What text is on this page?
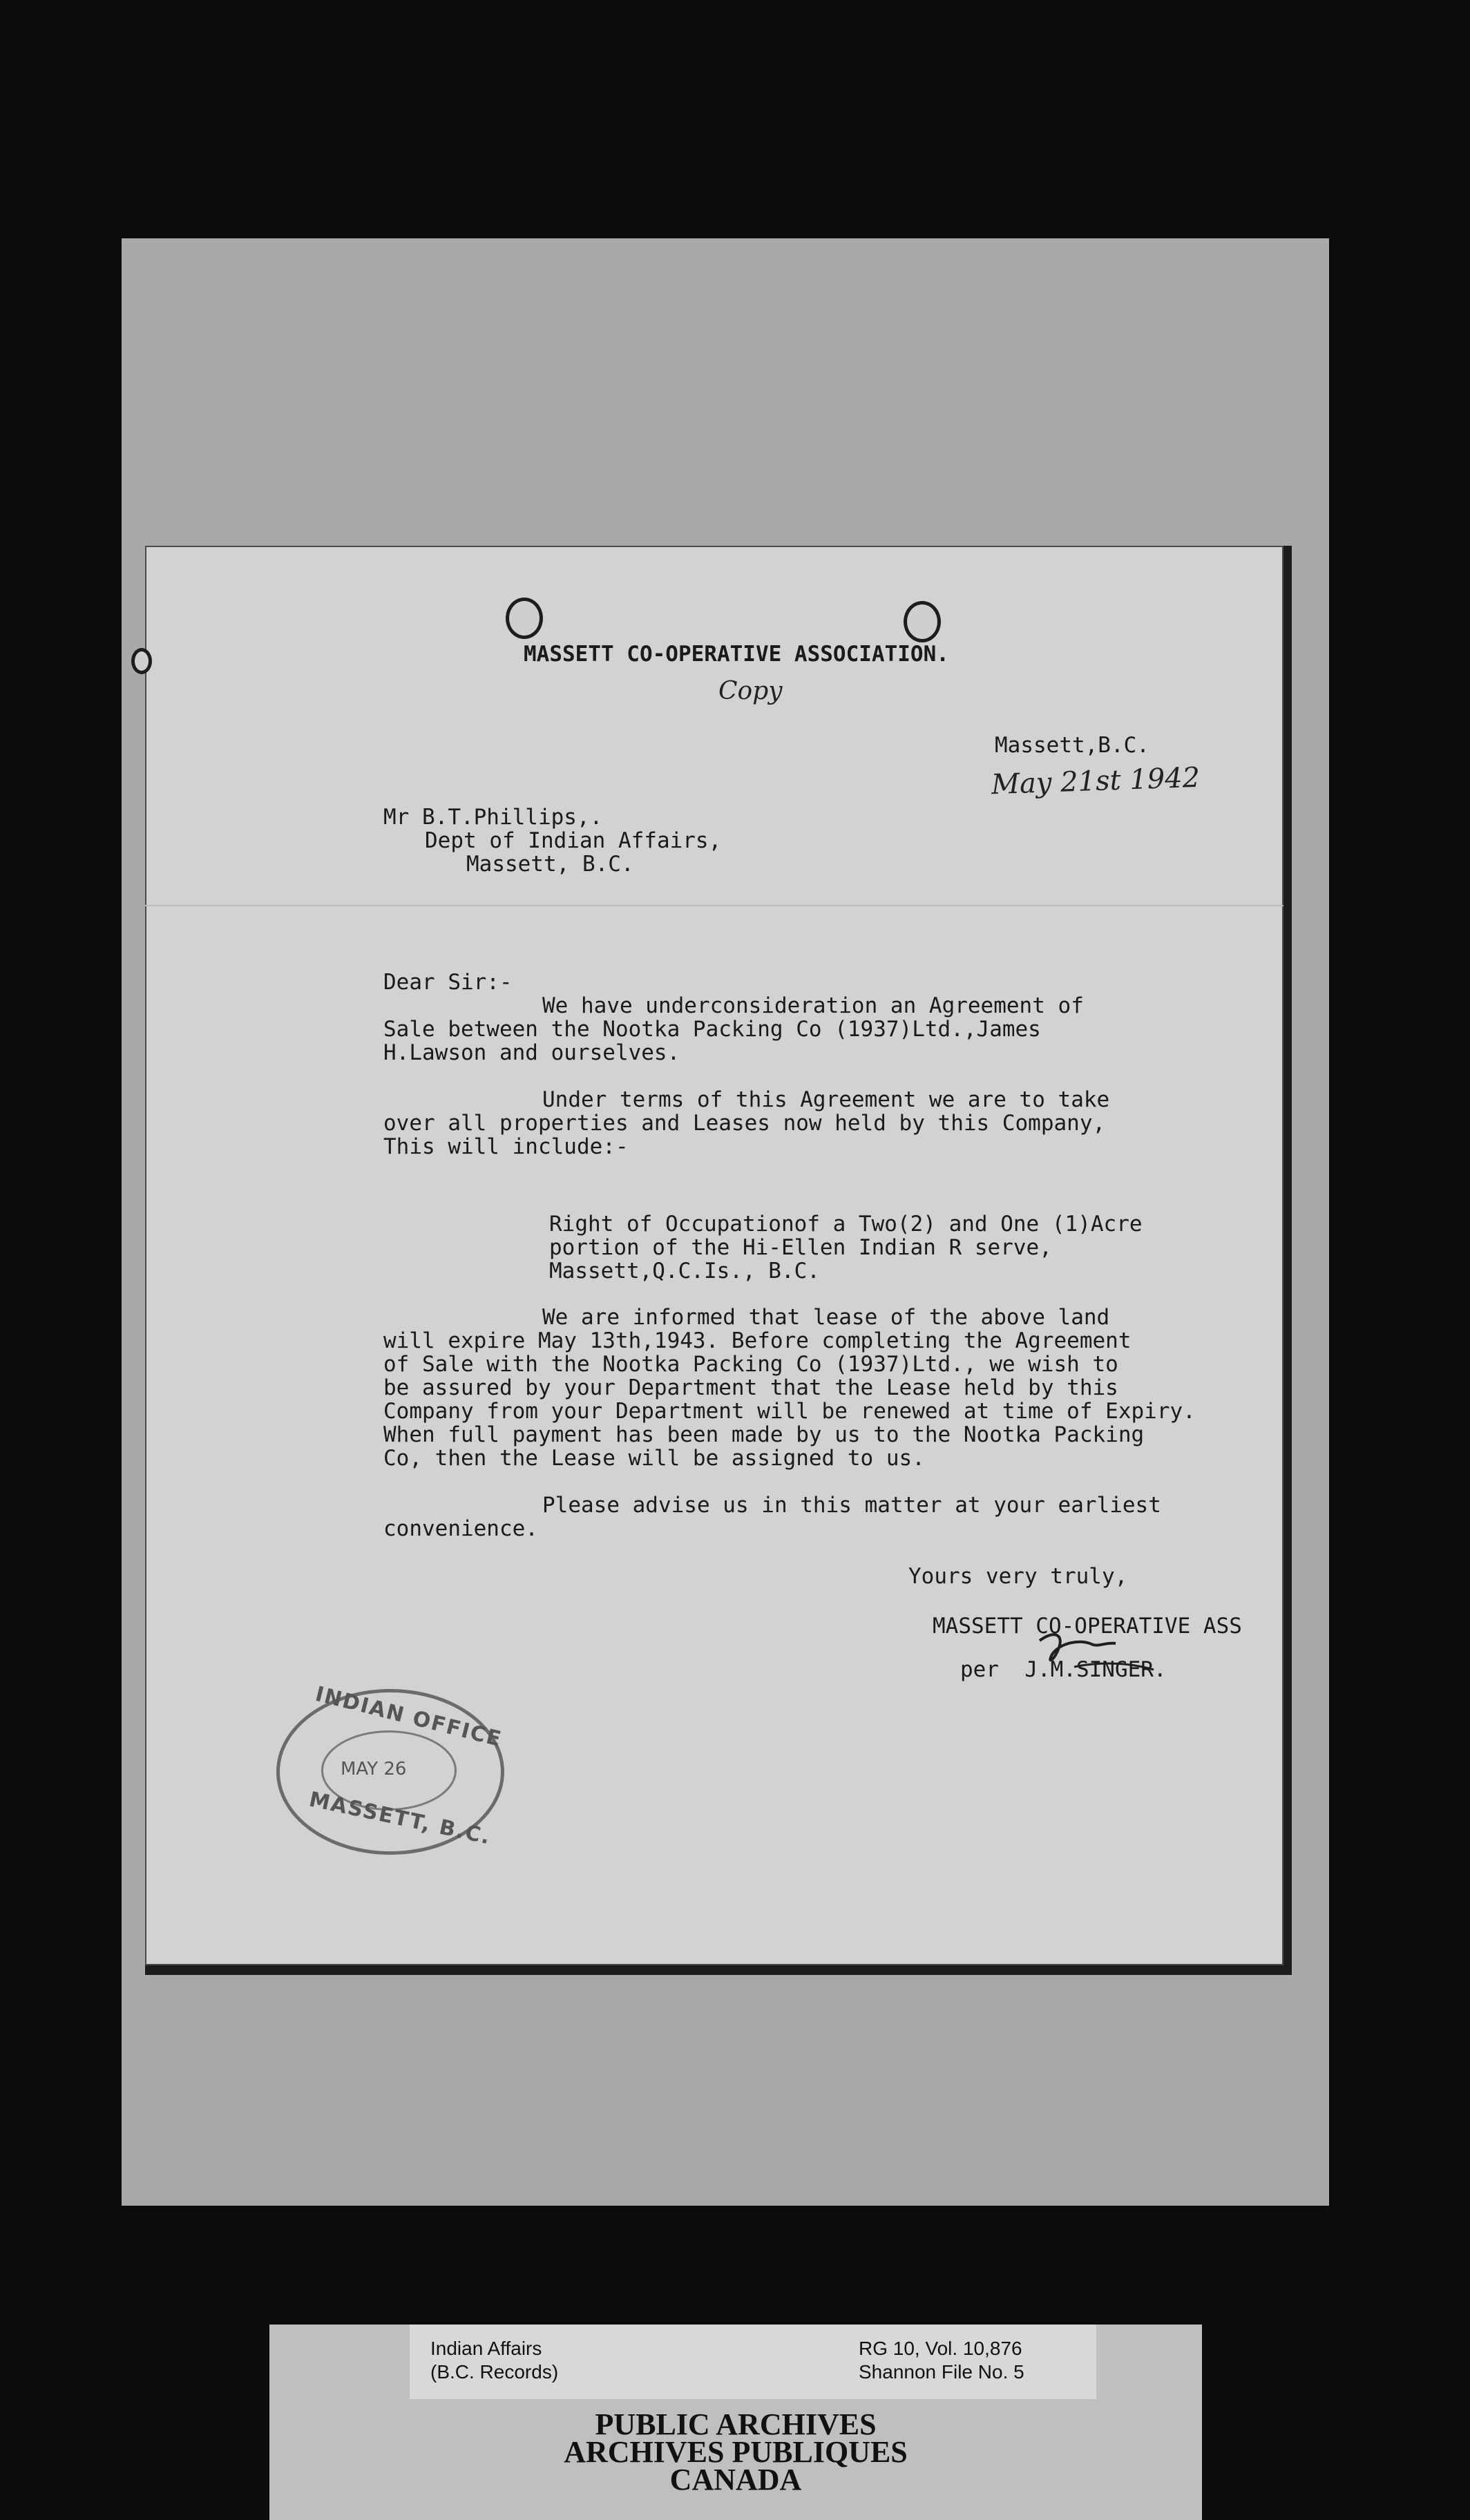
MASSETT CO-OPERATIVE ASSOCIATION.
Copy
Massett,B.C.
May 21st 1942
Mr B.T.Phillips,.
Dept of Indian Affairs,
Massett, B.C.
Dear Sir:-
We have underconsideration an Agreement of
Sale between the Nootka Packing Co (1937)Ltd.,James
H.Lawson and ourselves.
Under terms of this Agreement we are to take
over all properties and Leases now held by this Company,
This will include:-
Right of Occupationof a Two(2) and One (1)Acre
portion of the Hi-Ellen Indian R serve,
Massett,Q.C.Is., B.C.
We are informed that lease of the above land
will expire May 13th,1943. Before completing the Agreement
of Sale with the Nootka Packing Co (1937)Ltd., we wish to
be assured by your Department that the Lease held by this
Company from your Department will be renewed at time of Expiry.
When full payment has been made by us to the Nootka Packing
Co, then the Lease will be assigned to us.
Please advise us in this matter at your earliest
convenience.
Yours very truly,
MASSETT CO-OPERATIVE ASS
per  J.M.SINGER.
INDIAN OFFICE
MAY 26
MASSETT, B.C.
Indian Affairs
(B.C. Records)
RG 10, Vol. 10,876
Shannon File No. 5
PUBLIC ARCHIVES
ARCHIVES PUBLIQUES
CANADA
